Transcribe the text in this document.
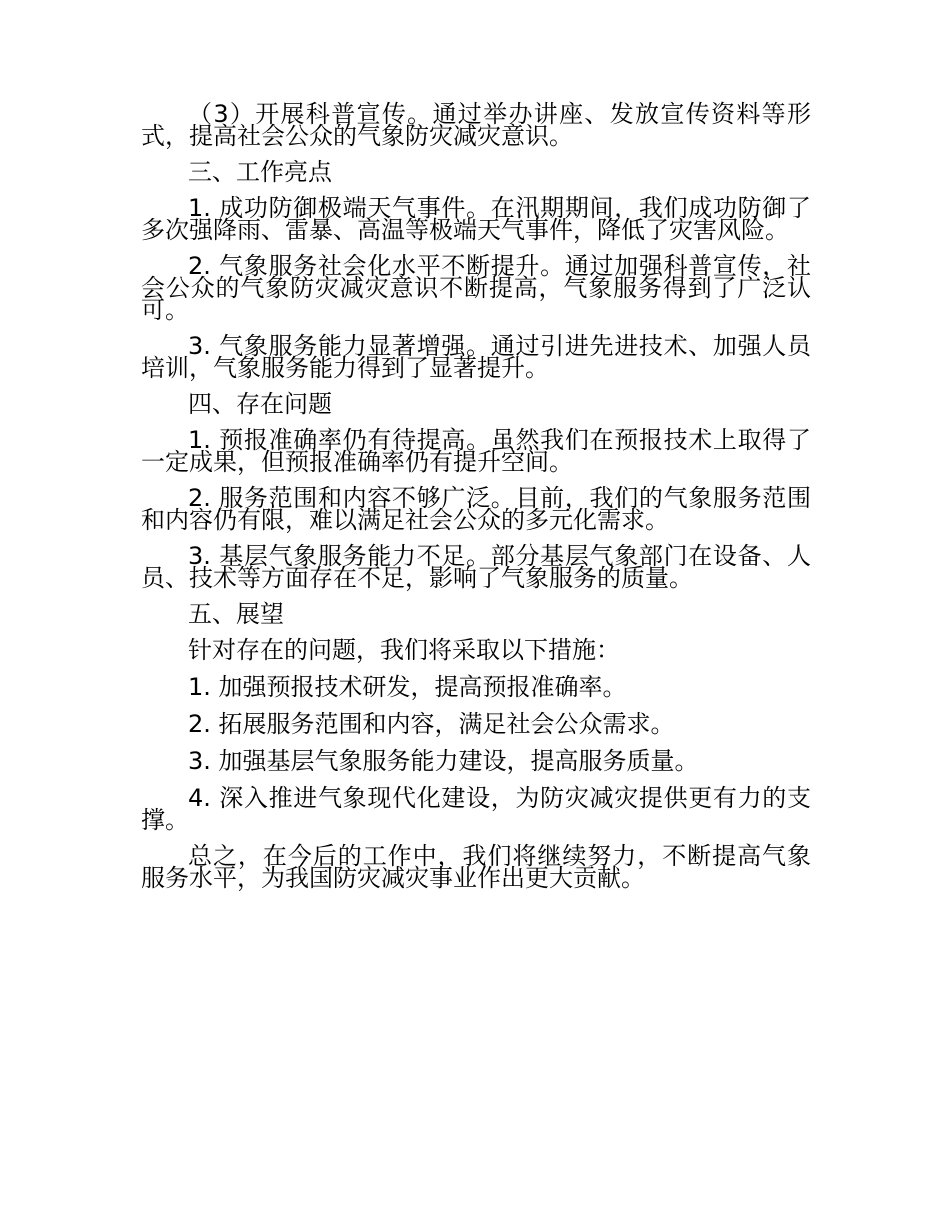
（3）开展科普宣传。通过举办讲座、发放宣传资料等形式，提高社会公众的气象防灾减灾意识。

三、工作亮点

1. 成功防御极端天气事件。在汛期期间，我们成功防御了多次强降雨、雷暴、高温等极端天气事件，降低了灾害风险。

2. 气象服务社会化水平不断提升。通过加强科普宣传，社会公众的气象防灾减灾意识不断提高，气象服务得到了广泛认可。

3. 气象服务能力显著增强。通过引进先进技术、加强人员培训，气象服务能力得到了显著提升。

四、存在问题

1. 预报准确率仍有待提高。虽然我们在预报技术上取得了一定成果，但预报准确率仍有提升空间。

2. 服务范围和内容不够广泛。目前，我们的气象服务范围和内容仍有限，难以满足社会公众的多元化需求。

3. 基层气象服务能力不足。部分基层气象部门在设备、人员、技术等方面存在不足，影响了气象服务的质量。

五、展望

针对存在的问题，我们将采取以下措施：

1. 加强预报技术研发，提高预报准确率。

2. 拓展服务范围和内容，满足社会公众需求。

3. 加强基层气象服务能力建设，提高服务质量。

4. 深入推进气象现代化建设，为防灾减灾提供更有力的支撑。

总之，在今后的工作中，我们将继续努力，不断提高气象服务水平，为我国防灾减灾事业作出更大贡献。
